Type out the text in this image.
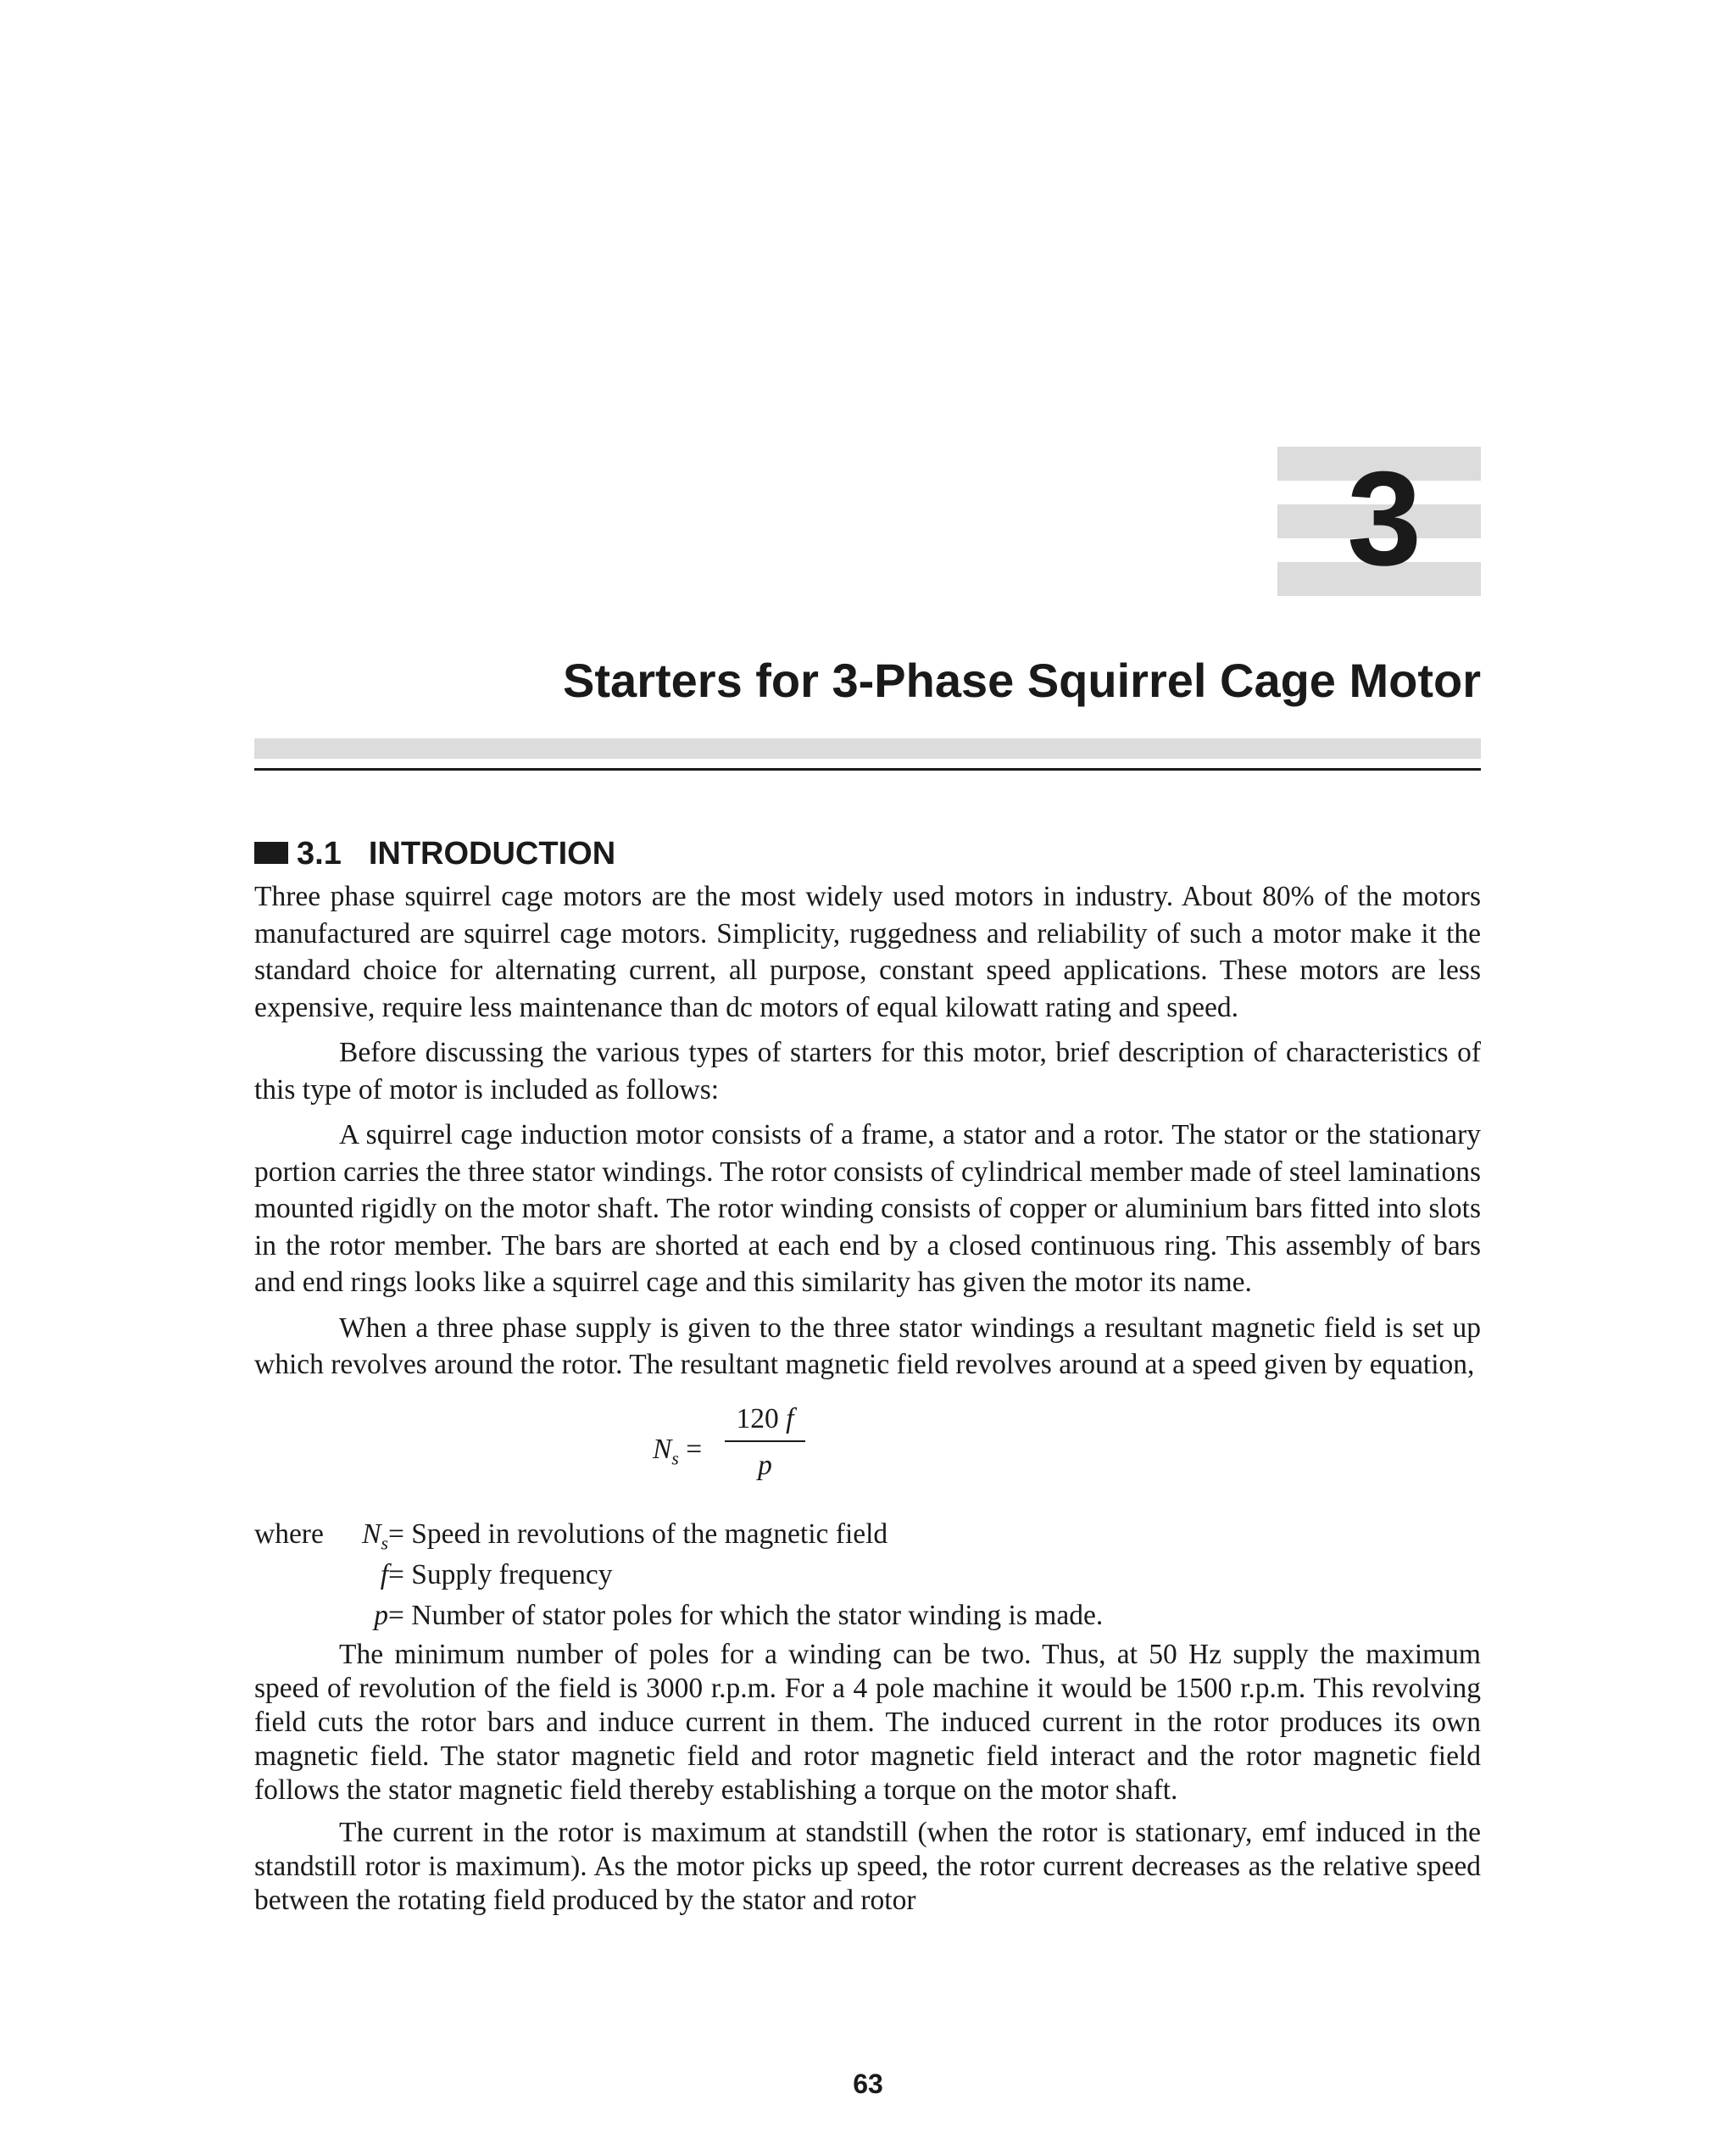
3
Starters for 3-Phase Squirrel Cage Motor
3.1 INTRODUCTION

Three phase squirrel cage motors are the most widely used motors in industry. About 80% of the motors manufactured are squirrel cage motors. Simplicity, ruggedness and reliability of such a motor make it the standard choice for alternating current, all purpose, constant speed applications. These motors are less expensive, require less maintenance than dc motors of equal kilowatt rating and speed.

Before discussing the various types of starters for this motor, brief description of characteristics of this type of motor is included as follows:

A squirrel cage induction motor consists of a frame, a stator and a rotor. The stator or the stationary portion carries the three stator windings. The rotor consists of cylindrical member made of steel laminations mounted rigidly on the motor shaft. The rotor winding consists of copper or aluminium bars fitted into slots in the rotor member. The bars are shorted at each end by a closed continuous ring. This assembly of bars and end rings looks like a squirrel cage and this similarity has given the motor its name.

When a three phase supply is given to the three stator windings a resultant magnetic field is set up which revolves around the rotor. The resultant magnetic field revolves around at a speed given by equation,

$N_s$ =
120 f
p
where $N_s$ = Speed in revolutions of the magnetic field
f = Supply frequency
p = Number of stator poles for which the stator winding is made.

The minimum number of poles for a winding can be two. Thus, at 50 Hz supply the maximum speed of revolution of the field is 3000 r.p.m. For a 4 pole machine it would be 1500 r.p.m. This revolving field cuts the rotor bars and induce current in them. The induced current in the rotor produces its own magnetic field. The stator magnetic field and rotor magnetic field interact and the rotor magnetic field follows the stator magnetic field thereby establishing a torque on the motor shaft.

The current in the rotor is maximum at standstill (when the rotor is stationary, emf induced in the standstill rotor is maximum). As the motor picks up speed, the rotor current decreases as the relative speed between the rotating field produced by the stator and rotor

63
